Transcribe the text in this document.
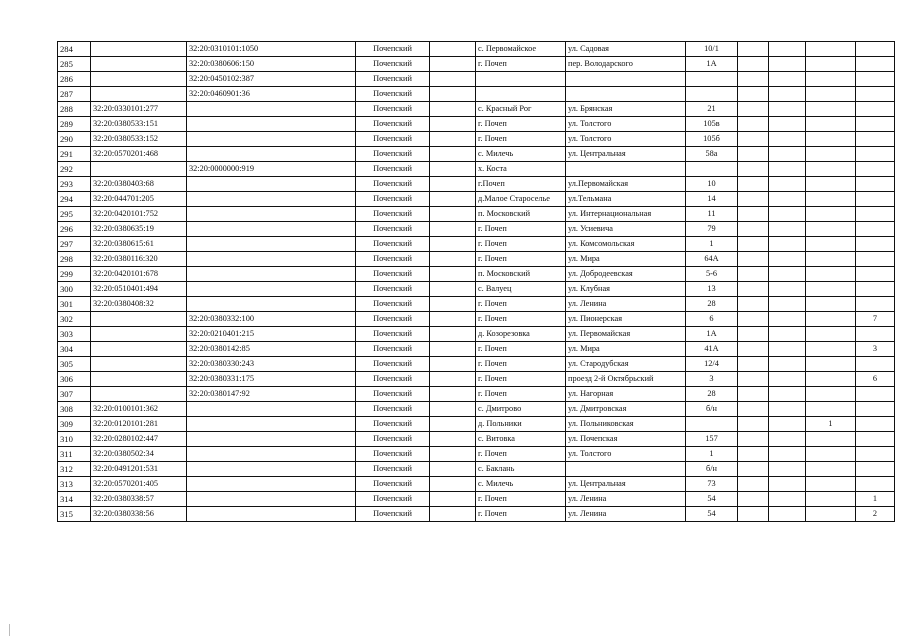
284		32:20:0310101:1050	Почепский		с. Первомайское	ул. Садовая	10/1				
285		32:20:0380606:150	Почепский		г. Почеп	пер. Володарского	1А				
286		32:20:0450102:387	Почепский								
287		32:20:0460901:36	Почепский								
288	32:20:0330101:277		Почепский		с. Красный Рог	ул. Брянская	21				
289	32:20:0380533:151		Почепский		г. Почеп	ул. Толстого	105в				
290	32:20:0380533:152		Почепский		г. Почеп	ул. Толстого	105б				
291	32:20:0570201:468		Почепский		с. Милечь	ул. Центральная	58а				
292		32:20:0000000:919	Почепский		х. Коста						
293	32:20:0380403:68		Почепский		г.Почеп	ул.Первомайская	10				
294	32:20:044701:205		Почепский		д.Малое Старосельe	ул.Тельмана	14				
295	32:20:0420101:752		Почепский		п. Московский	ул. Интернациональная	11				
296	32:20:0380635:19		Почепский		г. Почеп	ул. Усиевича	79				
297	32:20:0380615:61		Почепский		г. Почеп	ул. Комсомольская	1				
298	32:20:0380116:320		Почепский		г. Почеп	ул. Мира	64А				
299	32:20:0420101:678		Почепский		п. Московский	ул. Добродеевская	5-6				
300	32:20:0510401:494		Почепский		с. Валуец	ул. Клубная	13				
301	32:20:0380408:32		Почепский		г. Почеп	ул. Ленина	28				
302		32:20:0380332:100	Почепский		г. Почеп	ул. Пионерская	6				7
303		32:20:0210401:215	Почепский		д. Козорезовка	ул. Первомайская	1А				
304		32:20:0380142:85	Почепский		г. Почеп	ул. Мира	41А				3
305		32:20:0380330:243	Почепский		г. Почеп	ул. Стародубская	12/4				
306		32:20:0380331:175	Почепский		г. Почеп	проезд 2-й Октябрьский	3				6
307		32:20:0380147:92	Почепский		г. Почеп	ул. Нагорная	28				
308	32:20:0100101:362		Почепский		с. Дмитрово	ул. Дмитровская	б/н				
309	32:20:0120101:281		Почепский		д. Польники	ул. Польниковская				1	
310	32:20:0280102:447		Почепский		с. Витовка	ул. Почепская	157				
311	32:20:0380502:34		Почепский		г. Почеп	ул. Толстого	1				
312	32:20:0491201:531		Почепский		с. Баклань		б/н				
313	32:20:0570201:405		Почепский		с. Милечь	ул. Центральная	73				
314	32:20:0380338:57		Почепский		г. Почеп	ул. Ленина	54				1
315	32:20:0380338:56		Почепский		г. Почеп	ул. Ленина	54				2
